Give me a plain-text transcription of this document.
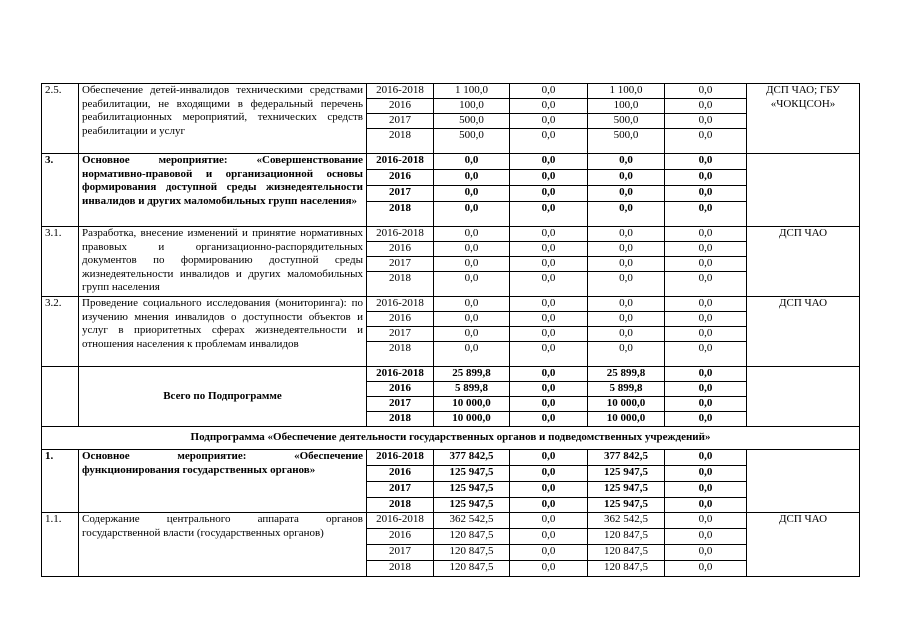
2.5.	Обеспечение детей-инвалидов техническими средствами реабилитации, не входящими в федеральный перечень реабилитационных мероприятий, технических средств реабилитации и услуг	2016-2018	1 100,0	0,0	1 100,0	0,0	ДСП ЧАО; ГБУ «ЧОКЦСОН»
		2016	100,0	0,0	100,0	0,0	
		2017	500,0	0,0	500,0	0,0	
		2018	500,0	0,0	500,0	0,0	
3.	Основное мероприятие: «Совершенствование нормативно-правовой и организационной основы формирования доступной среды жизнедеятельности инвалидов и других маломобильных групп населения»	2016-2018	0,0	0,0	0,0	0,0	
		2016	0,0	0,0	0,0	0,0	
		2017	0,0	0,0	0,0	0,0	
		2018	0,0	0,0	0,0	0,0	
3.1.	Разработка, внесение изменений и принятие нормативных правовых и организационно-распорядительных документов по формированию доступной среды жизнедеятельности инвалидов и других маломобильных групп населения	2016-2018	0,0	0,0	0,0	0,0	ДСП ЧАО
		2016	0,0	0,0	0,0	0,0	
		2017	0,0	0,0	0,0	0,0	
		2018	0,0	0,0	0,0	0,0	
3.2.	Проведение социального исследования (мониторинга): по изучению мнения инвалидов о доступности объектов и услуг в приоритетных сферах жизнедеятельности и отношения населения к проблемам инвалидов	2016-2018	0,0	0,0	0,0	0,0	ДСП ЧАО
		2016	0,0	0,0	0,0	0,0	
		2017	0,0	0,0	0,0	0,0	
		2018	0,0	0,0	0,0	0,0	
	Всего по Подпрограмме	2016-2018	25 899,8	0,0	25 899,8	0,0	
		2016	5 899,8	0,0	5 899,8	0,0	
		2017	10 000,0	0,0	10 000,0	0,0	
		2018	10 000,0	0,0	10 000,0	0,0	
Подпрограмма «Обеспечение деятельности государственных органов и подведомственных учреждений»							
1.	Основное мероприятие: «Обеспечение функционирования государственных органов»	2016-2018	377 842,5	0,0	377 842,5	0,0	
		2016	125 947,5	0,0	125 947,5	0,0	
		2017	125 947,5	0,0	125 947,5	0,0	
		2018	125 947,5	0,0	125 947,5	0,0	
1.1.	Содержание центрального аппарата органов государственной власти (государственных органов)	2016-2018	362 542,5	0,0	362 542,5	0,0	ДСП ЧАО
		2016	120 847,5	0,0	120 847,5	0,0	
		2017	120 847,5	0,0	120 847,5	0,0	
		2018	120 847,5	0,0	120 847,5	0,0	
